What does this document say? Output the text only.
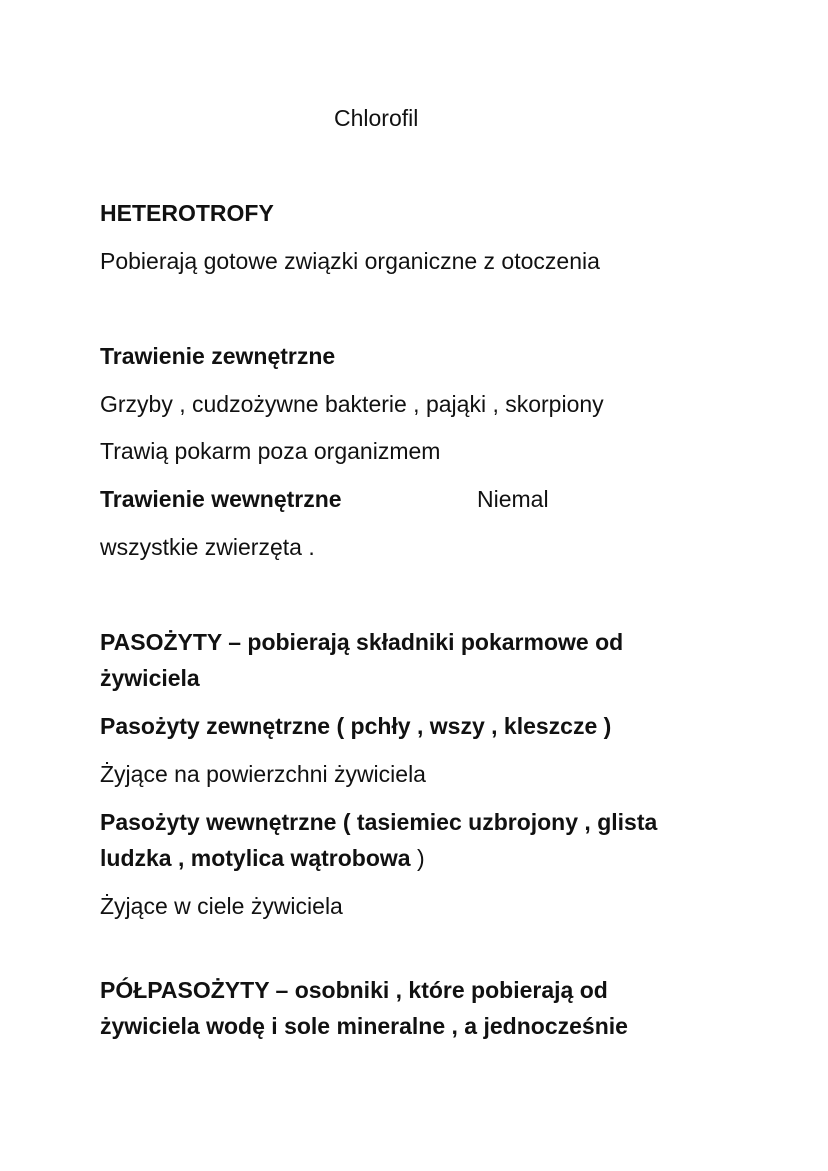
Chlorofil
HETEROTROFY
Pobierają gotowe związki organiczne z otoczenia
Trawienie zewnętrzne
Grzyby , cudzożywne bakterie , pająki , skorpiony
Trawią pokarm poza organizmem
Trawienie wewnętrzne	Niemal
wszystkie zwierzęta .
PASOŻYTY – pobierają składniki pokarmowe od
żywiciela
Pasożyty zewnętrzne ( pchły , wszy , kleszcze )
Żyjące na powierzchni żywiciela
Pasożyty wewnętrzne ( tasiemiec uzbrojony , glista
ludzka , motylica wątrobowa )
Żyjące w ciele żywiciela
PÓŁPASOŻYTY – osobniki , które pobierają od
żywiciela wodę i sole mineralne , a jednocześnie
